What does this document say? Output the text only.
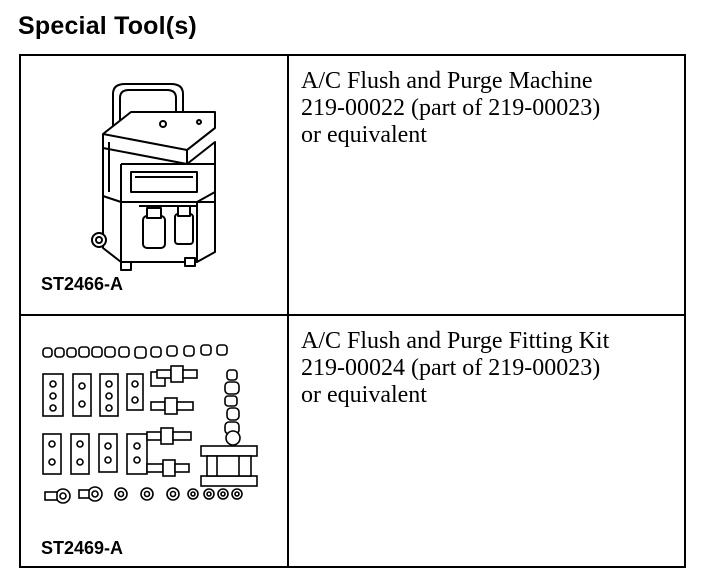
Special Tool(s)
ST2466-A	A/C Flush and Purge Machine
219-00022 (part of 219-00023)
or equivalent

ST2469-A	A/C Flush and Purge Fitting Kit
219-00024 (part of 219-00023)
or equivalent
